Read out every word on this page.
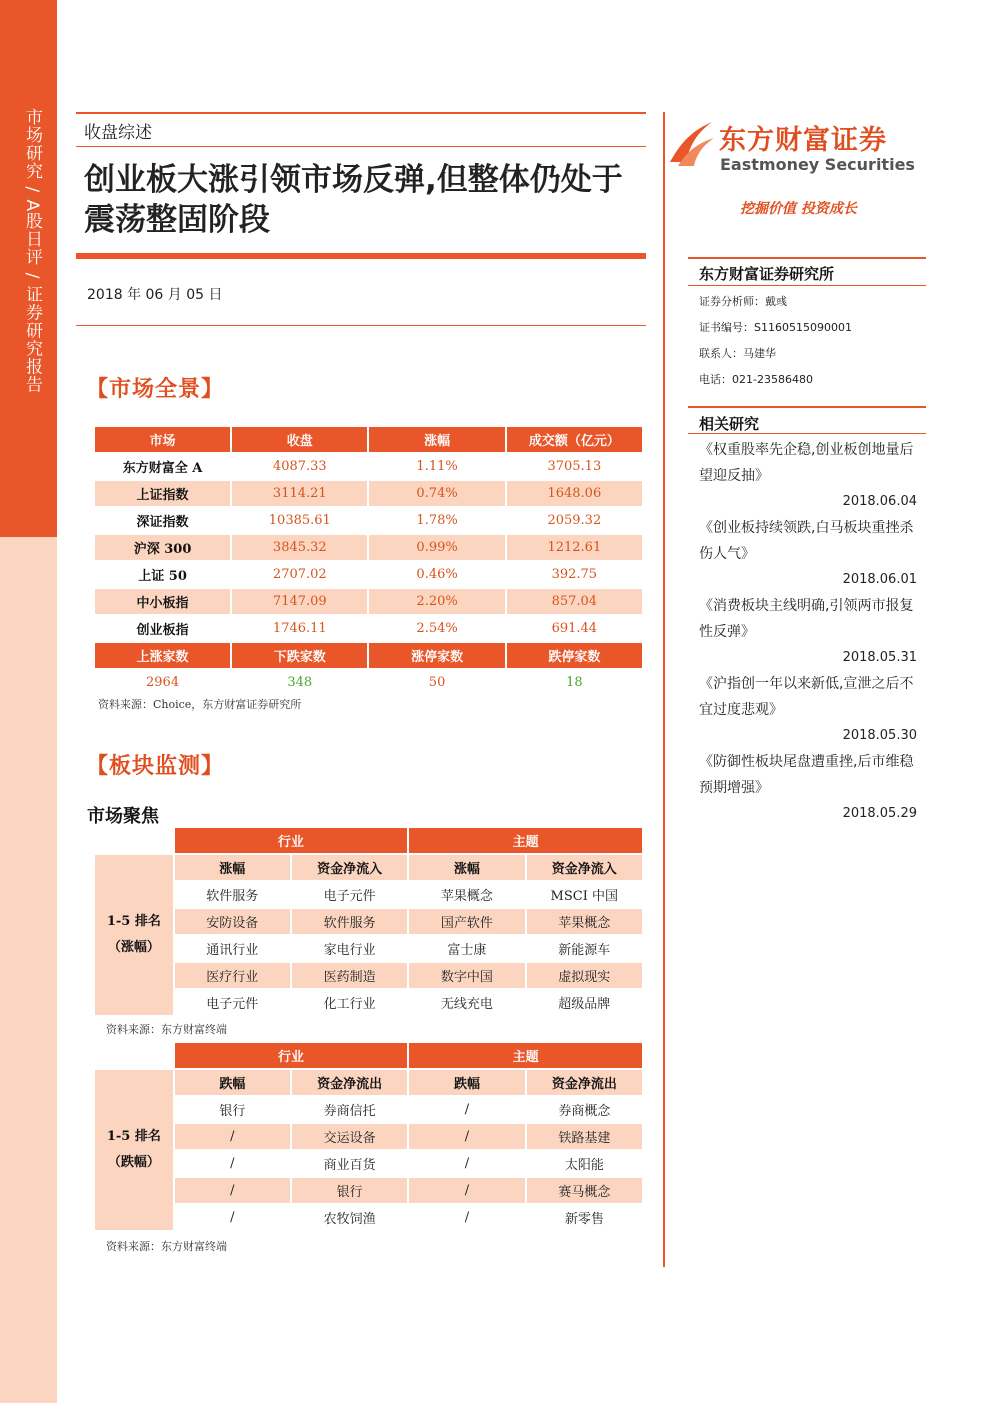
市场研究 / A股日评 / 证券研究报告 收盘综述
创业板大涨引领市场反弹,但整体仍处于震荡整固阶段
2018 年 06 月 05 日
【市场全景】
市场	收盘	涨幅	成交额（亿元）
东方财富全 A	4087.33	1.11%	3705.13
上证指数	3114.21	0.74%	1648.06
深证指数	10385.61	1.78%	2059.32
沪深 300	3845.32	0.99%	1212.61
上证 50	2707.02	0.46%	392.75
中小板指	7147.09	2.20%	857.04
创业板指	1746.11	2.54%	691.44
上涨家数	下跌家数	涨停家数	跌停家数
2964	348	50	18
资料来源：Choice，东方财富证券研究所
【板块监测】
市场聚焦
	行业		主题	

1-5 排名
（涨幅）	涨幅	资金净流入	涨幅	资金净流入
	软件服务	电子元件	苹果概念	MSCI 中国
	安防设备	软件服务	国产软件	苹果概念
	通讯行业	家电行业	富士康	新能源车
	医疗行业	医药制造	数字中国	虚拟现实
	电子元件	化工行业	无线充电	超级品牌
资料来源：东方财富终端
	行业		主题	

1-5 排名
（跌幅）	跌幅	资金净流出	跌幅	资金净流出
	银行	券商信托	/	券商概念
	/	交运设备	/	铁路基建
	/	商业百货	/	太阳能
	/	银行	/	赛马概念
	/	农牧饲渔	/	新零售
资料来源：东方财富终端
东方财富证券
Eastmoney Securities
挖掘价值 投资成长
东方财富证券研究所
证券分析师：戴彧
证书编号：S1160515090001
联系人：马建华
电话：021-23586480
相关研究
《权重股率先企稳,创业板创地量后望迎反抽》
2018.06.04
《创业板持续领跌,白马板块重挫杀伤人气》
2018.06.01
《消费板块主线明确,引领两市报复性反弹》
2018.05.31
《沪指创一年以来新低,宣泄之后不宜过度悲观》
2018.05.30
《防御性板块尾盘遭重挫,后市维稳预期增强》
2018.05.29
